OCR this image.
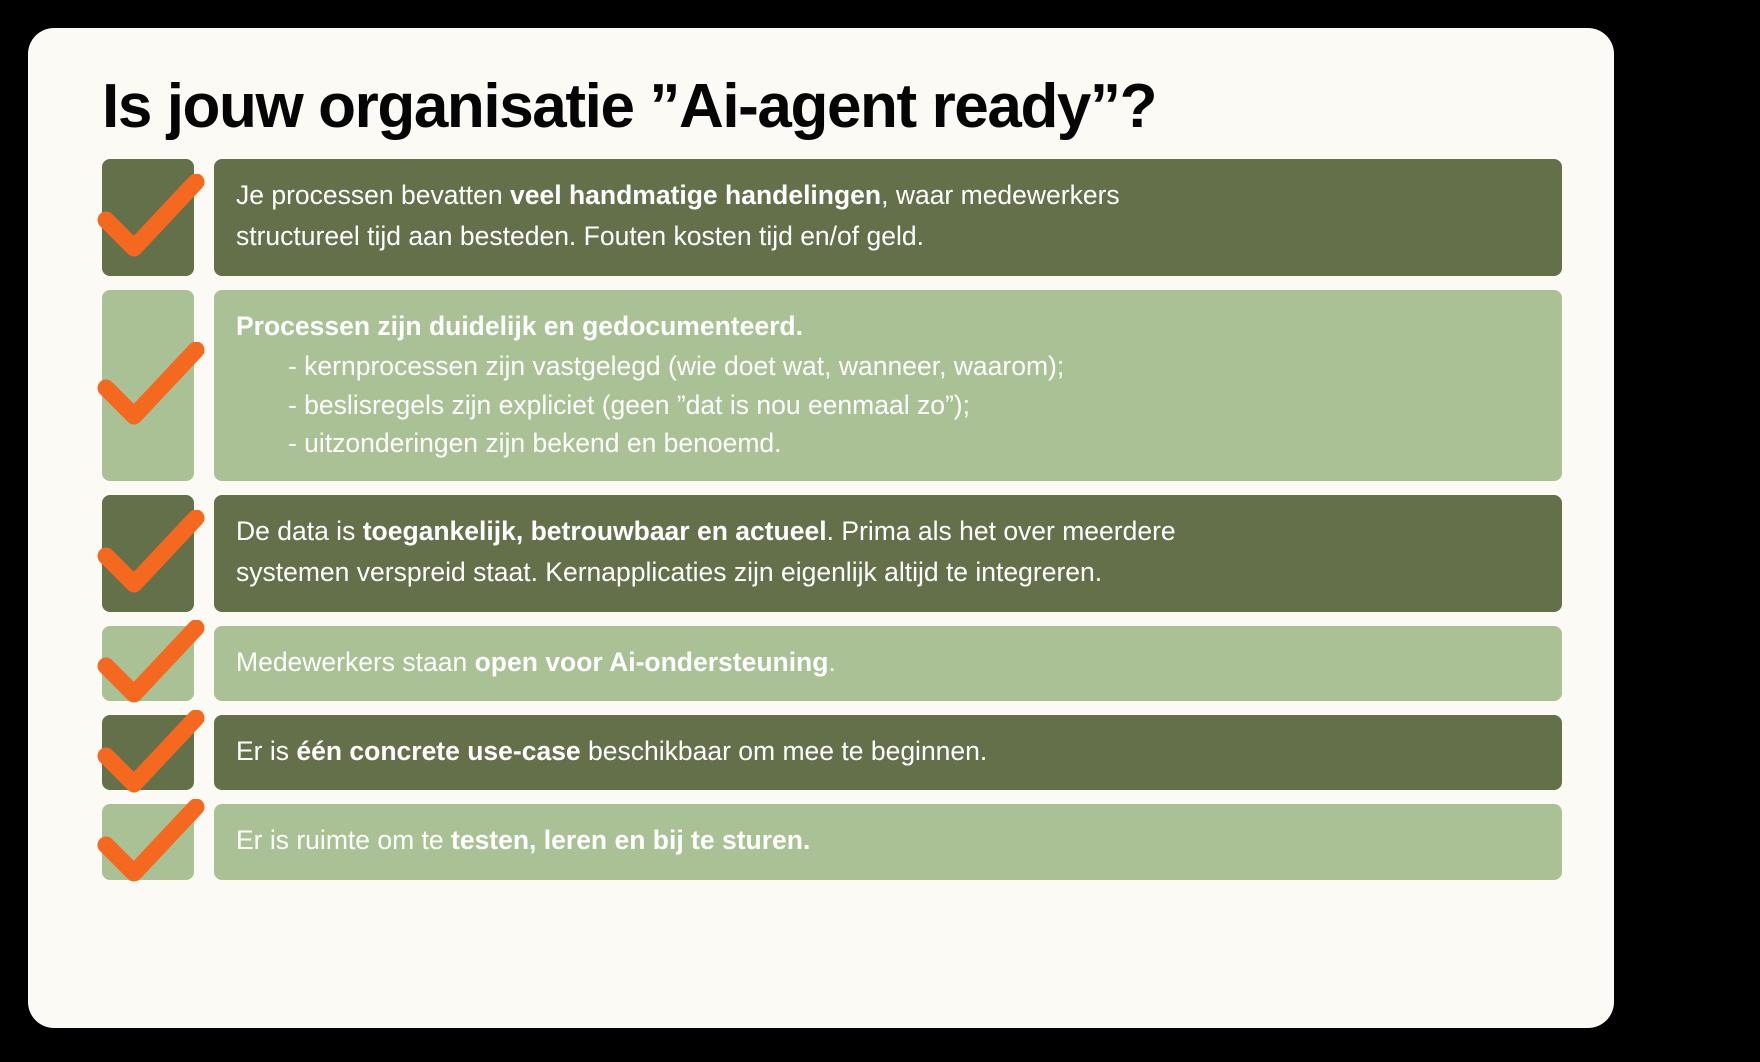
Is jouw organisatie ”Ai-agent ready”?
Je processen bevatten veel handmatige handelingen, waar medewerkers
structureel tijd aan besteden. Fouten kosten tijd en/of geld.
Processen zijn duidelijk en gedocumenteerd.
- kernprocessen zijn vastgelegd (wie doet wat, wanneer, waarom);
- beslisregels zijn expliciet (geen ”dat is nou eenmaal zo”);
- uitzonderingen zijn bekend en benoemd.
De data is toegankelijk, betrouwbaar en actueel. Prima als het over meerdere
systemen verspreid staat. Kernapplicaties zijn eigenlijk altijd te integreren.
Medewerkers staan open voor Ai-ondersteuning.
Er is één concrete use-case beschikbaar om mee te beginnen.
Er is ruimte om te testen, leren en bij te sturen.
